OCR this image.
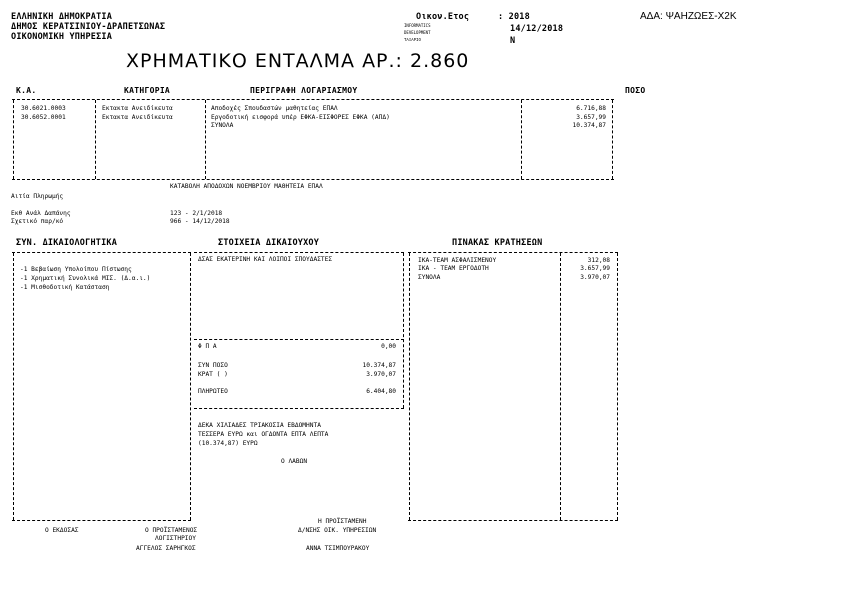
ΕΛΛΗΝΙΚΗ ΔΗΜΟΚΡΑΤΙΑ
ΔΗΜΟΣ ΚΕΡΑΤΣΙΝΙΟΥ-ΔΡΑΠΕΤΣΩΝΑΣ
ΟΙΚΟΝΟΜΙΚΗ ΥΠΗΡΕΣΙΑ
Οικον.Ετος	: 2018
INFORMATICS
DEVELOPMENT
ΤΑΞΑΡΙΟ
14/12/2018
Ν
ΑΔΑ: ΨΑΗΖΩΕΣ-Χ2Κ
ΧΡΗΜΑΤΙΚΟ ΕΝΤΑΛΜΑ ΑΡ.: 2.860
Κ.Α.	ΚΑΤΗΓΟΡΙΑ	ΠΕΡΙΓΡΑΦΗ ΛΟΓΑΡΙΑΣΜΟΥ	ΠΟΣΟ
30.6021.0003	Εκτακτα Ανειδίκευτα	Αποδοχές Σπουδαστών μαθητείας ΕΠΑΛ	6.716,88
30.6052.0001	Εκτακτα Ανειδίκευτα	Εργοδοτική εισφορά υπέρ ΕΦΚΑ-ΕΙΣΦΟΡΕΣ ΕΦΚΑ (ΑΠΔ)	3.657,99
ΣΥΝΟΛΑ	10.374,87
ΚΑΤΑΒΟΛΗ ΑΠΟΔΟΧΩΝ ΝΟΕΜΒΡΙΟΥ ΜΑΘΗΤΕΙΑ ΕΠΑΛ
Αιτία Πληρωμής
Εκθ Ανάλ Δαπάνης	123 - 2/1/2018
Σχετικό παρ/κό	966 - 14/12/2018
ΣΥΝ. ΔΙΚΑΙΟΛΟΓΗΤΙΚΑ	ΣΤΟΙΧΕΙΑ ΔΙΚΑΙΟΥΧΟΥ	ΠΙΝΑΚΑΣ ΚΡΑΤΗΣΕΩΝ
-1 Βεβαίωση Υπολοίπου Πίστωσης
-1 Χρηματική Συνολικά ΜΙΣ. (Δ.α.ι.)
-1 Μισθοδοτική Κατάσταση
ΔΣΑΣ ΕΚΑΤΕΡΙΝΗ ΚΑΙ ΛΟΙΠΟΙ ΣΠΟΥΔΑΣΤΕΣ
Φ Π Α	0,00
ΣΥΝ ΠΟΣΟ	10.374,87
ΚΡΑΤ ( )	3.970,07
ΠΛΗΡΩΤΕΟ	6.404,80
ΔΕΚΑ ΧΙΛΙΑΔΕΣ ΤΡΙΑΚΟΣΙΑ ΕΒΔΟΜΗΝΤΑ
ΤΕΣΣΕΡΑ ΕΥΡΩ και ΟΓΔΟΝΤΑ ΕΠΤΑ ΛΕΠΤΑ
(10.374,87) ΕΥΡΩ
Ο ΛΑΒΩΝ
ΙΚΑ-ΤΕΑΜ ΑΣΦΑΛΙΣΜΕΝΟΥ	312,08
ΙΚΑ - ΤΕΑΜ ΕΡΓΟΔΟΤΗ	3.657,99
ΣΥΝΟΛΑ	3.970,07
Ο ΕΚΔΟΣΑΣ	Ο ΠΡΟΪΣΤΑΜΕΝΟΣ
ΛΟΓΙΣΤΗΡΙΟΥ
ΑΓΓΕΛΟΣ ΣΑΡΗΓΚΟΣ
Η ΠΡΟΪΣΤΑΜΕΝΗ
Δ/ΝΣΗΣ ΟΙΚ. ΥΠΗΡΕΣΙΩΝ
ΑΝΝΑ ΤΣΙΜΠΟΥΡΑΚΟΥ
